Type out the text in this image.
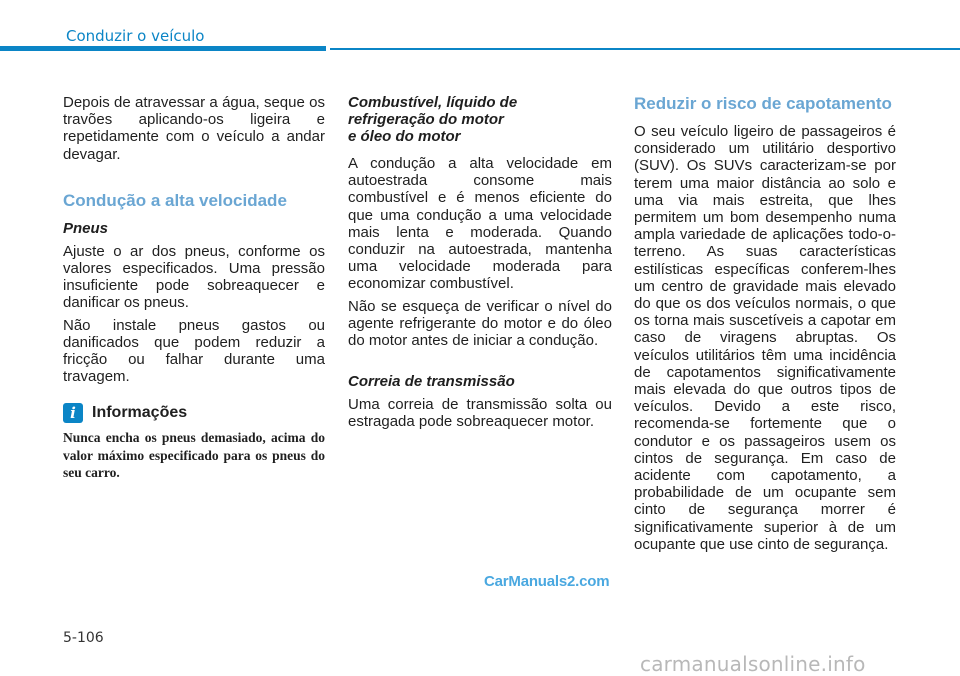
Conduzir o veículo

Depois de atravessar a água, seque os travões aplicando-os ligeira e repetidamente com o veículo a andar devagar.

Condução a alta velocidade
Pneus

Ajuste o ar dos pneus, conforme os valores especificados. Uma pressão insuficiente pode sobreaquecer e danificar os pneus.

Não instale pneus gastos ou danificados que podem reduzir a fricção ou falhar durante uma travagem.

i Informações

Nunca encha os pneus demasiado, acima do valor máximo especificado para os pneus do seu carro.

Combustível, líquido de
refrigeração do motor
e óleo do motor

A condução a alta velocidade em autoestrada consome mais combustível e é menos eficiente do que uma condução a uma velocidade mais lenta e moderada. Quando conduzir na autoestrada, mantenha uma velocidade moderada para economizar combustível.

Não se esqueça de verificar o nível do agente refrigerante do motor e do óleo do motor antes de iniciar a condução.

Correia de transmissão

Uma correia de transmissão solta ou estragada pode sobreaquecer motor.

Reduzir o risco de capotamento

O seu veículo ligeiro de passageiros é considerado um utilitário desportivo (SUV). Os SUVs caracterizam-se por terem uma maior distância ao solo e uma via mais estreita, que lhes permitem um bom desempenho numa ampla variedade de aplicações todo-o-terreno. As suas características estilísticas específicas conferem-lhes um centro de gravidade mais elevado do que os dos veículos normais, o que os torna mais suscetíveis a capotar em caso de viragens abruptas. Os veículos utilitários têm uma incidência de capotamentos significativamente mais elevada do que outros tipos de veículos. Devido a este risco, recomenda-se fortemente que o condutor e os passageiros usem os cintos de segurança. Em caso de acidente com capotamento, a probabilidade de um ocupante sem cinto de segurança morrer é significativamente superior à de um ocupante que use cinto de segurança.

CarManuals2.com
5-106
carmanualsonline.info
